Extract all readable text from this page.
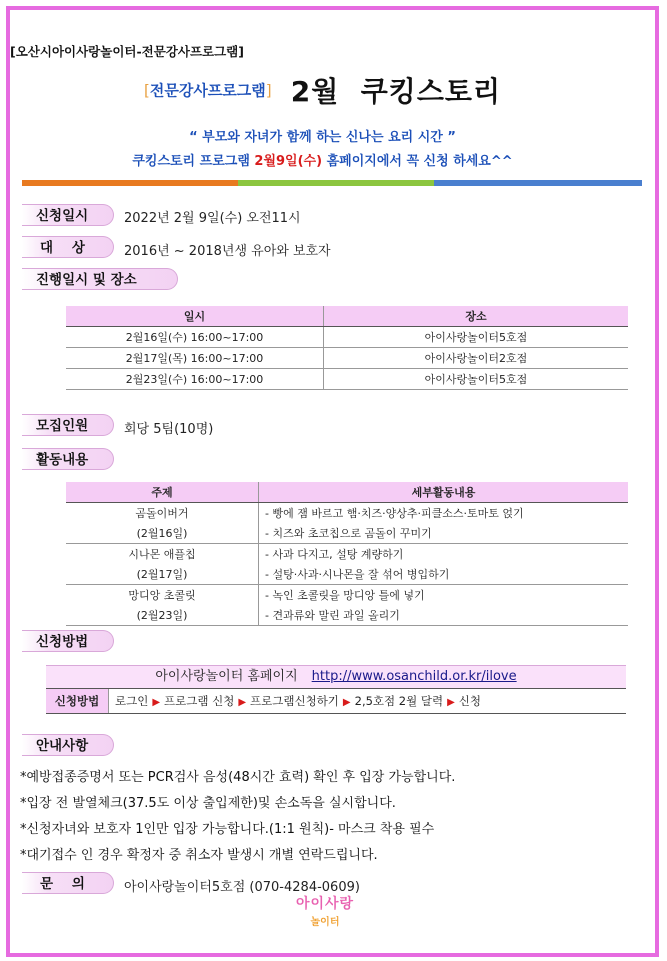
[오산시아이사랑놀이터-전문강사프로그램]
[전문강사프로그램] 2월  쿠킹스토리
“ 부모와 자녀가 함께 하는 신나는 요리 시간 ”
쿠킹스토리 프로그램 2월9일(수) 홈페이지에서 꼭 신청 하세요^^
신청일시	2022년 2월 9일(수) 오전11시
대    상	2016년 ~ 2018년생 유아와 보호자
진행일시 및 장소
일시	장소
2월16일(수) 16:00~17:00	아이사랑놀이터5호점
2월17일(목) 16:00~17:00	아이사랑놀이터2호점
2월23일(수) 16:00~17:00	아이사랑놀이터5호점
모집인원	회당 5팀(10명)
활동내용
주제	세부활동내용
곰돌이버거	- 빵에 잼 바르고 햄·치즈·양상추·피클소스·토마토 얹기
(2월16일)	- 치즈와 초코칩으로 곰돌이 꾸미기
시나몬 애플칩	- 사과 다지고, 설탕 계량하기
(2월17일)	- 설탕·사과·시나몬을 잘 섞어 병입하기
망디앙 초콜릿	- 녹인 초콜릿을 망디앙 틀에 넣기
(2월23일)	- 견과류와 말린 과일 올리기
신청방법
아이사랑놀이터 홈페이지 http://www.osanchild.or.kr/ilove
신청방법	로그인 ▶ 프로그램 신청 ▶ 프로그램신청하기 ▶ 2,5호점 2월 달력 ▶ 신청
안내사항
*예방접종증명서 또는 PCR검사 음성(48시간 효력) 확인 후 입장 가능합니다.
*입장 전 발열체크(37.5도 이상 출입제한)및 손소독을 실시합니다.
*신청자녀와 보호자 1인만 입장 가능합니다.(1:1 원칙)- 마스크 착용 필수
*대기접수 인 경우 확정자 중 취소자 발생시 개별 연락드립니다.
문    의	아이사랑놀이터5호점 (070-4284-0609)
아이사랑
놀이터
